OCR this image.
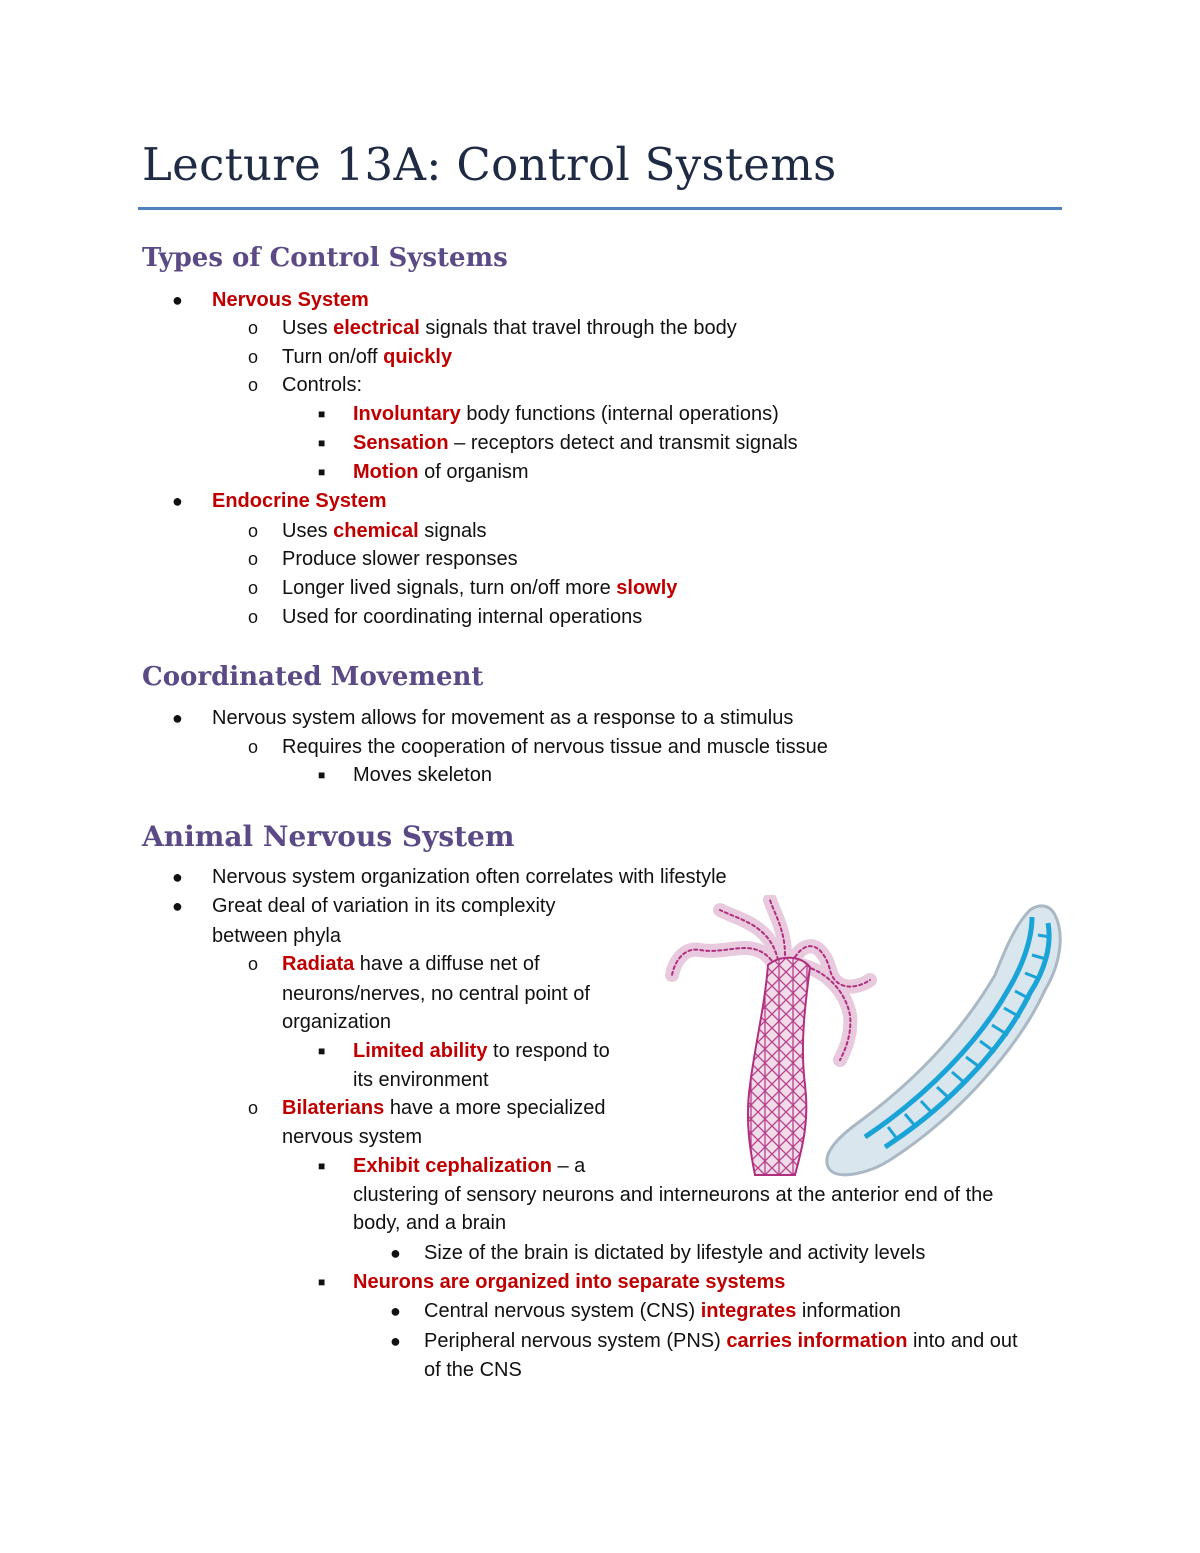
Lecture 13A: Control Systems
Types of Control Systems
● Nervous System
o Uses electrical signals that travel through the body
o Turn on/off quickly
o Controls:
■ Involuntary body functions (internal operations)
■ Sensation – receptors detect and transmit signals
■ Motion of organism
● Endocrine System
o Uses chemical signals
o Produce slower responses
o Longer lived signals, turn on/off more slowly
o Used for coordinating internal operations
Coordinated Movement
● Nervous system allows for movement as a response to a stimulus
o Requires the cooperation of nervous tissue and muscle tissue
■ Moves skeleton
Animal Nervous System
● Nervous system organization often correlates with lifestyle
● Great deal of variation in its complexity
between phyla
o Radiata have a diffuse net of
neurons/nerves, no central point of
organization
■ Limited ability to respond to
its environment
o Bilaterians have a more specialized
nervous system
■ Exhibit cephalization – a
clustering of sensory neurons and interneurons at the anterior end of the
body, and a brain
● Size of the brain is dictated by lifestyle and activity levels
■ Neurons are organized into separate systems
● Central nervous system (CNS) integrates information
● Peripheral nervous system (PNS) carries information into and out
of the CNS
